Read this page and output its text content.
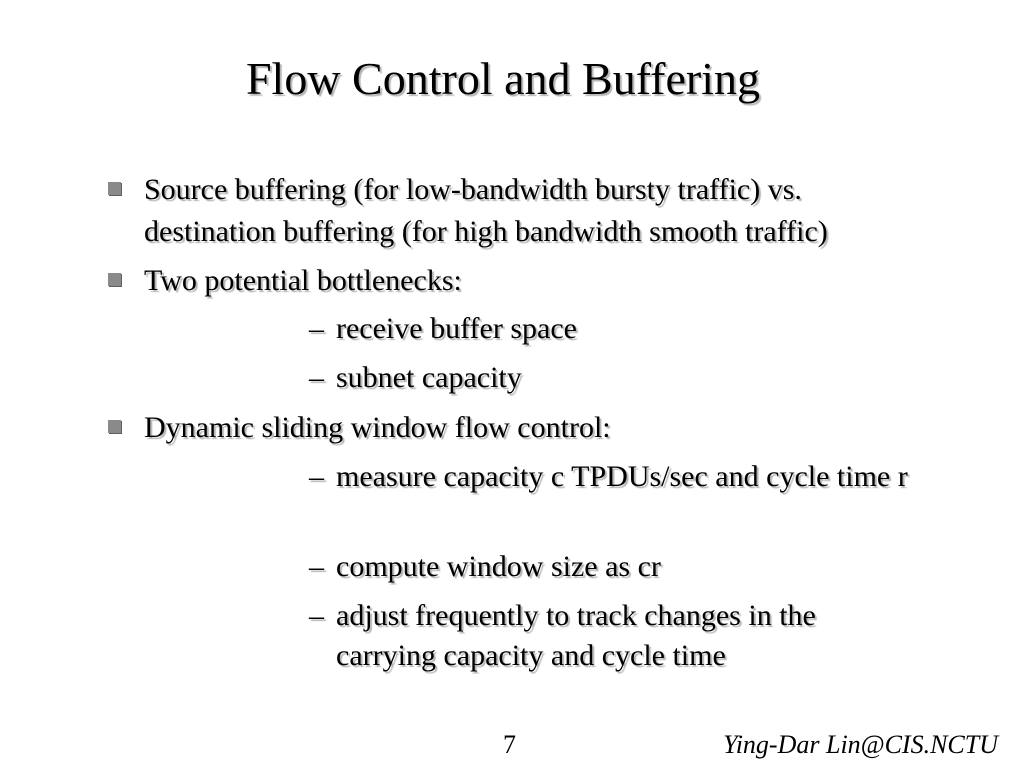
Flow Control and Buffering
Source buffering (for low-bandwidth bursty traffic) vs.
destination buffering (for high bandwidth smooth traffic)
Two potential bottlenecks:
– receive buffer space
– subnet capacity
Dynamic sliding window flow control:
– measure capacity c TPDUs/sec and cycle time r
– compute window size as cr
– adjust frequently to track changes in the carrying capacity and cycle time
7	Ying-Dar Lin@CIS.NCTU
